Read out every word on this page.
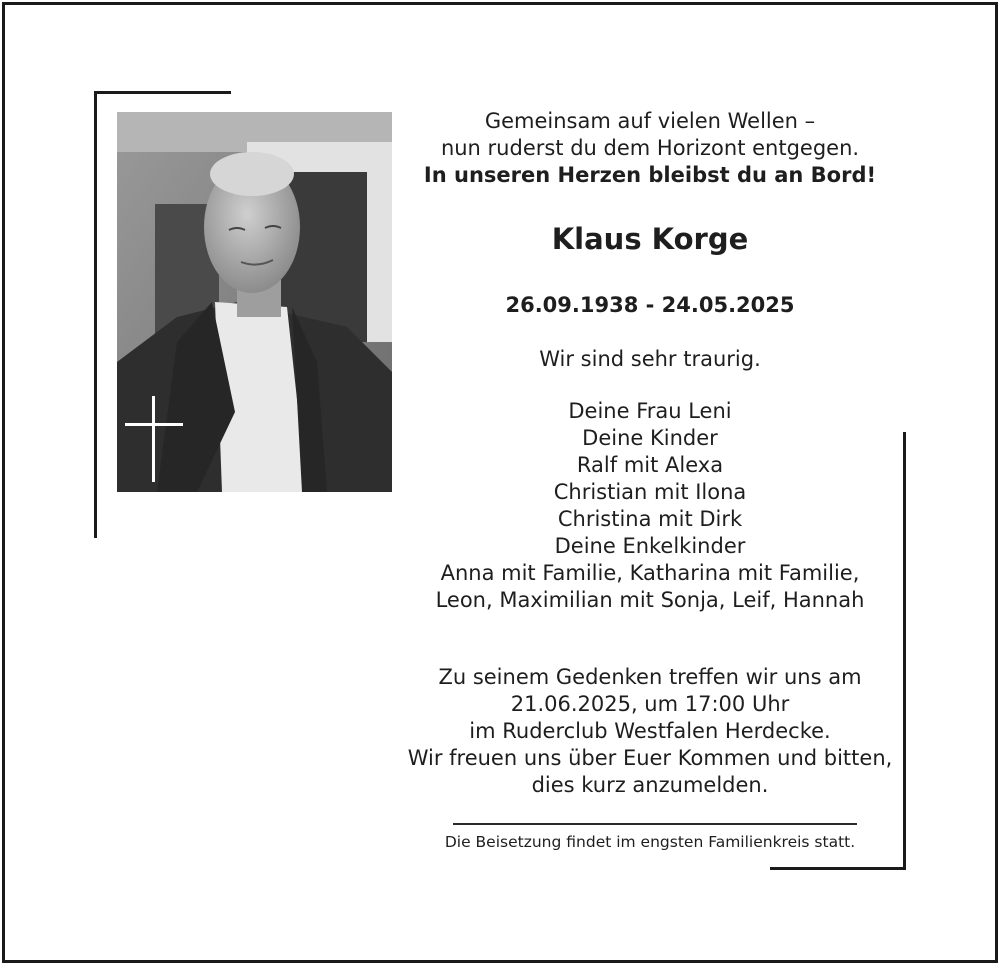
Gemeinsam auf vielen Wellen –
nun ruderst du dem Horizont entgegen.
In unseren Herzen bleibst du an Bord!
Klaus Korge
26.09.1938 - 24.05.2025
Wir sind sehr traurig.
Deine Frau Leni
Deine Kinder
Ralf mit Alexa
Christian mit Ilona
Christina mit Dirk
Deine Enkelkinder
Anna mit Familie, Katharina mit Familie,
Leon, Maximilian mit Sonja, Leif, Hannah
Zu seinem Gedenken treffen wir uns am
21.06.2025, um 17:00 Uhr
im Ruderclub Westfalen Herdecke.
Wir freuen uns über Euer Kommen und bitten,
dies kurz anzumelden.
Die Beisetzung findet im engsten Familienkreis statt.
